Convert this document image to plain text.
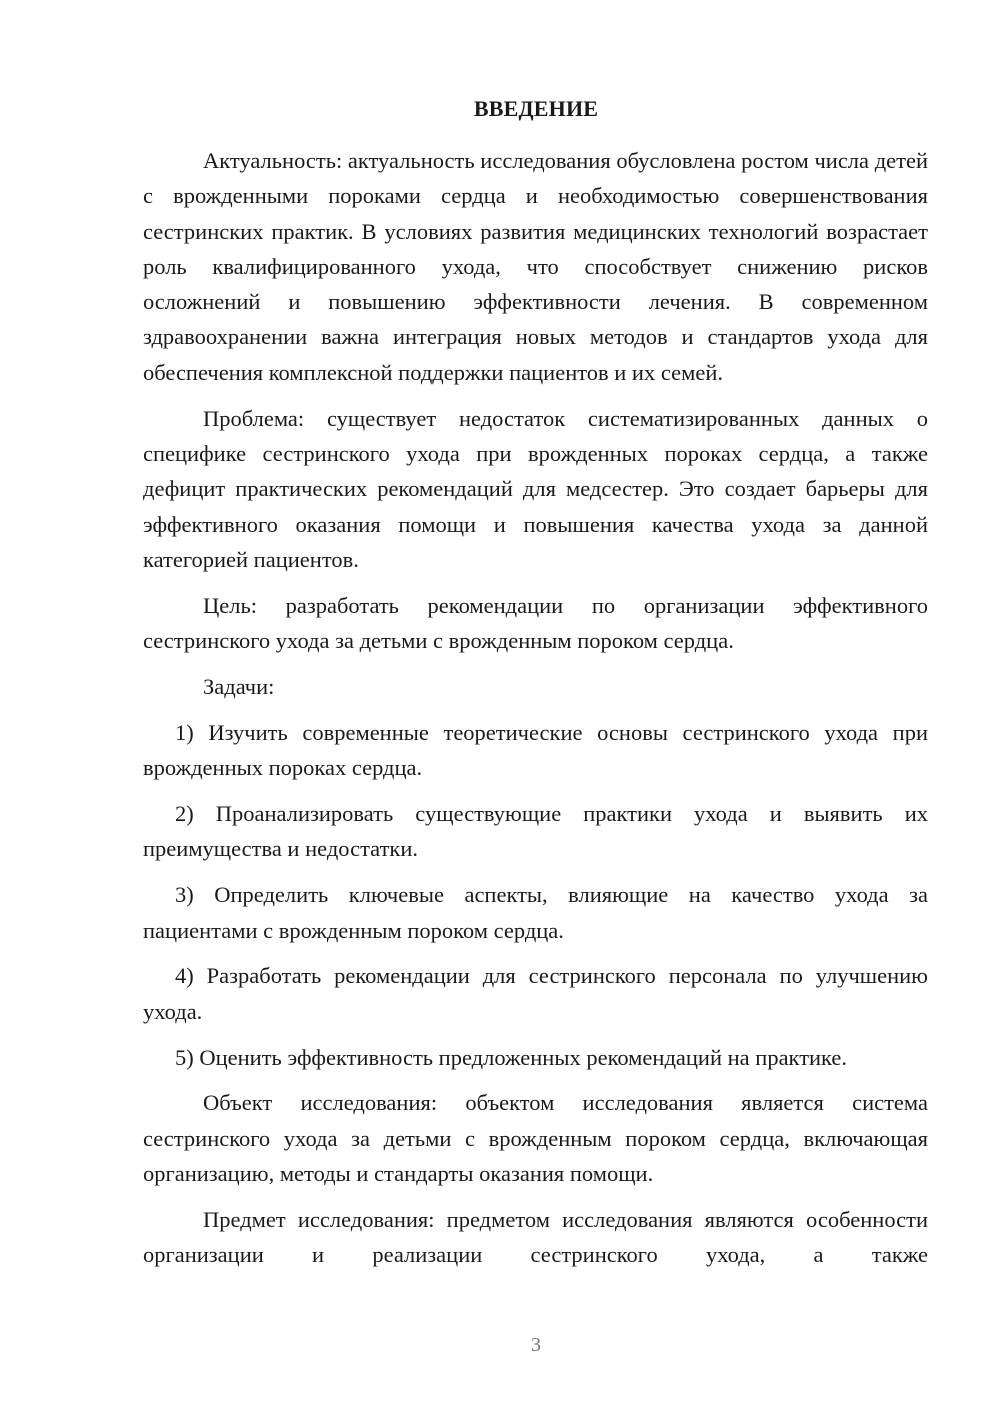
ВВЕДЕНИЕ

Актуальность: актуальность исследования обусловлена ростом числа детей с врожденными пороками сердца и необходимостью совершенствования сестринских практик. В условиях развития медицинских технологий возрастает роль квалифицированного ухода, что способствует снижению рисков осложнений и повышению эффективности лечения. В современном здравоохранении важна интеграция новых методов и стандартов ухода для обеспечения комплексной поддержки пациентов и их семей.

Проблема: существует недостаток систематизированных данных о специфике сестринского ухода при врожденных пороках сердца, а также дефицит практических рекомендаций для медсестер. Это создает барьеры для эффективного оказания помощи и повышения качества ухода за данной категорией пациентов.

Цель: разработать рекомендации по организации эффективного сестринского ухода за детьми с врожденным пороком сердца.

Задачи:

1) Изучить современные теоретические основы сестринского ухода при врожденных пороках сердца.

2) Проанализировать существующие практики ухода и выявить их преимущества и недостатки.

3) Определить ключевые аспекты, влияющие на качество ухода за пациентами с врожденным пороком сердца.

4) Разработать рекомендации для сестринского персонала по улучшению ухода.

5) Оценить эффективность предложенных рекомендаций на практике.

Объект исследования: объектом исследования является система сестринского ухода за детьми с врожденным пороком сердца, включающая организацию, методы и стандарты оказания помощи.

Предмет исследования: предметом исследования являются особенности организации и реализации сестринского ухода, а также

3
